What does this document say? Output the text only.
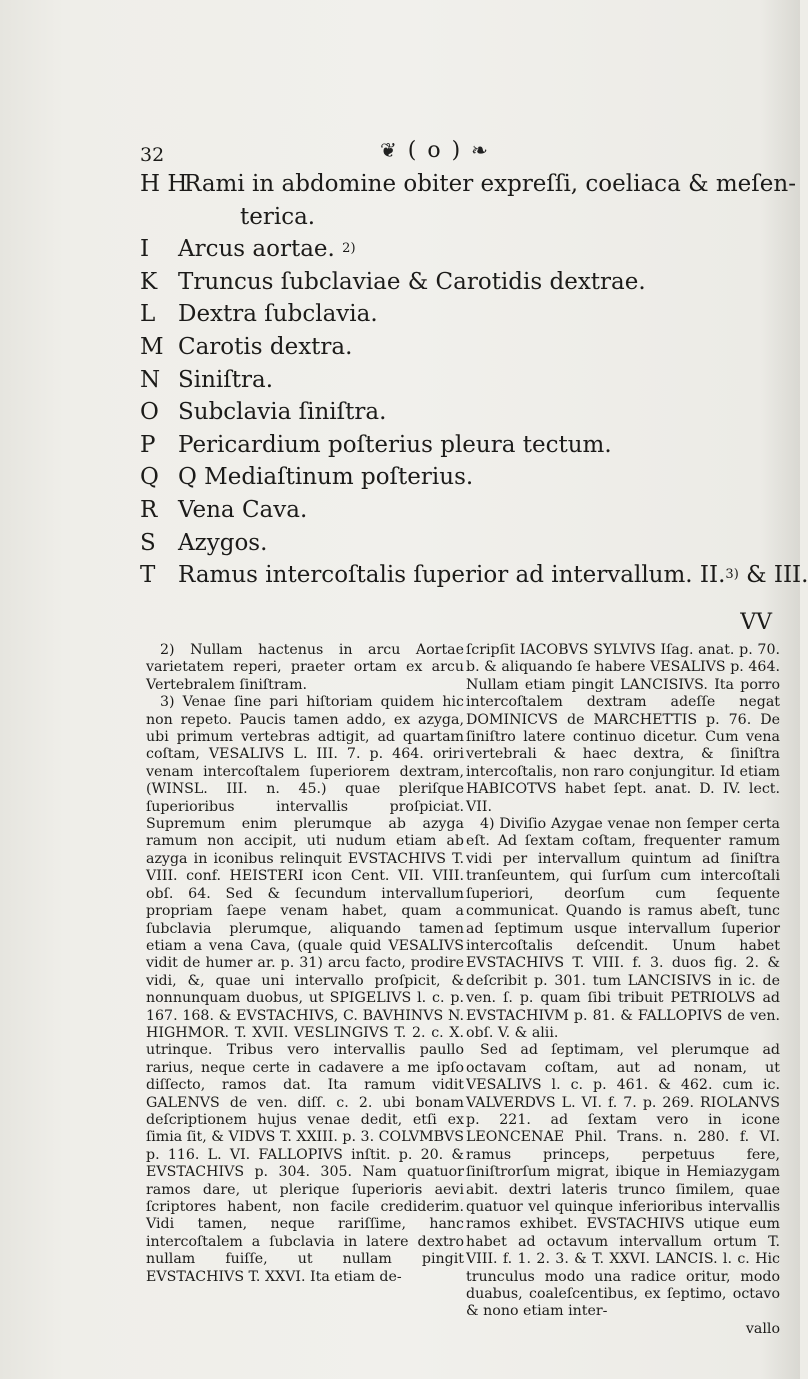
32	❦ ( o ) ❧
H H
Rami in abdomine obiter expreſſi, coeliaca & meſen-
terica.
I	Arcus aortae.
2)
K Truncus ſubclaviae & Carotidis dextrae.
L Dextra ſubclavia.
M Carotis dextra.
N Siniſtra.
O Subclavia ſiniſtra.
P Pericardium poſterius pleura tectum.
Q Q Mediaſtinum poſterius.
R Vena Cava.
S Azygos.
T Ramus intercoſtalis ſuperior ad intervallum. II. 3)
& III.
VV

2) Nullam hactenus in arcu Aortae varietatem reperi, praeter ortam ex arcu Vertebralem ſiniſtram.

3) Venae ſine pari hiſtoriam quidem hic non repeto. Paucis tamen addo, ex azyga, ubi primum vertebras adtigit, ad quartam coſtam, VESALIVS L. III. 7. p. 464. oriri venam intercoſtalem ſuperiorem dextram, (WINSL. III. n. 45.) quae pleriſque ſuperioribus intervallis proſpiciat. Supremum enim plerumque ab azyga ramum non accipit, uti nudum etiam ab azyga in iconibus relinquit EVSTACHIVS T. VIII. conf. HEISTERI icon Cent. VII. VIII. obſ. 64. Sed & ſecundum intervallum propriam ſaepe venam habet, quam a ſubclavia plerumque, aliquando tamen etiam a vena Cava, (quale quid VESALIVS vidit de humer ar. p. 31) arcu facto, prodire vidi, &, quae uni intervallo proſpicit, & nonnunquam duobus, ut SPIGELIVS l. c. p. 167. 168. & EVSTACHIVS, C. BAVHINVS N. HIGHMOR. T. XVII. VESLINGIVS T. 2. c. X. utrinque. Tribus vero intervallis paullo rarius, neque certe in cadavere a me ipſo diſſecto, ramos dat. Ita ramum vidit GALENVS de ven. diſſ. c. 2. ubi bonam deſcriptionem hujus venae dedit, etſi ex ſimia ſit, & VIDVS T. XXIII. p. 3. COLVMBVS p. 116. L. VI. FALLOPIVS inſtit. p. 20. & EVSTACHIVS p. 304. 305. Nam quatuor ramos dare, ut plerique ſuperioris aevi ſcriptores habent, non facile crediderim. Vidi tamen, neque rariſſime, hanc intercoſtalem a ſubclavia in latere dextro nullam fuiſſe, ut nullam pingit EVSTACHIVS T. XXVI. Ita etiam de-

ſcripſit IACOBVS SYLVIVS Iſag. anat. p. 70. b. & aliquando ſe habere VESALIVS p. 464. Nullam etiam pingit LANCISIVS. Ita porro intercoſtalem dextram adeſſe negat DOMINICVS de MARCHETTIS p. 76. De ſiniſtro latere continuo dicetur. Cum vena vertebrali & haec dextra, & ſiniſtra intercoſtalis, non raro conjungitur. Id etiam HABICOTVS habet ſept. anat. D. IV. lect. VII.

4) Diviſio Azygae venae non ſemper certa eſt. Ad ſextam coſtam, frequenter ramum vidi per intervallum quintum ad ſiniſtra tranſeuntem, qui ſurſum cum intercoſtali ſuperiori, deorſum cum ſequente communicat. Quando is ramus abeſt, tunc ad ſeptimum usque intervallum ſuperior intercoſtalis deſcendit. Unum habet EVSTACHIVS T. VIII. f. 3. duos fig. 2. & deſcribit p. 301. tum LANCISIVS in ic. de ven. ſ. p. quam ſibi tribuit PETRIOLVS ad EVSTACHIVM p. 81. & FALLOPIVS de ven. obſ. V. & alii.

Sed ad ſeptimam, vel plerumque ad octavam coſtam, aut ad nonam, ut VESALIVS l. c. p. 461. & 462. cum ic. VALVERDVS L. VI. f. 7. p. 269. RIOLANVS p. 221. ad ſextam vero in icone LEONCENAE Phil. Trans. n. 280. f. VI. ramus princeps, perpetuus fere, ſiniſtrorſum migrat, ibique in Hemiazygam abit. dextri lateris trunco ſimilem, quae quatuor vel quinque inferioribus intervallis ramos exhibet. EVSTACHIVS utique eum habet ad octavum intervallum ortum T. VIII. f. 1. 2. 3. & T. XXVI. LANCIS. l. c. Hic trunculus modo una radice oritur, modo duabus, coaleſcentibus, ex ſeptimo, octavo & nono etiam inter-

vallo
